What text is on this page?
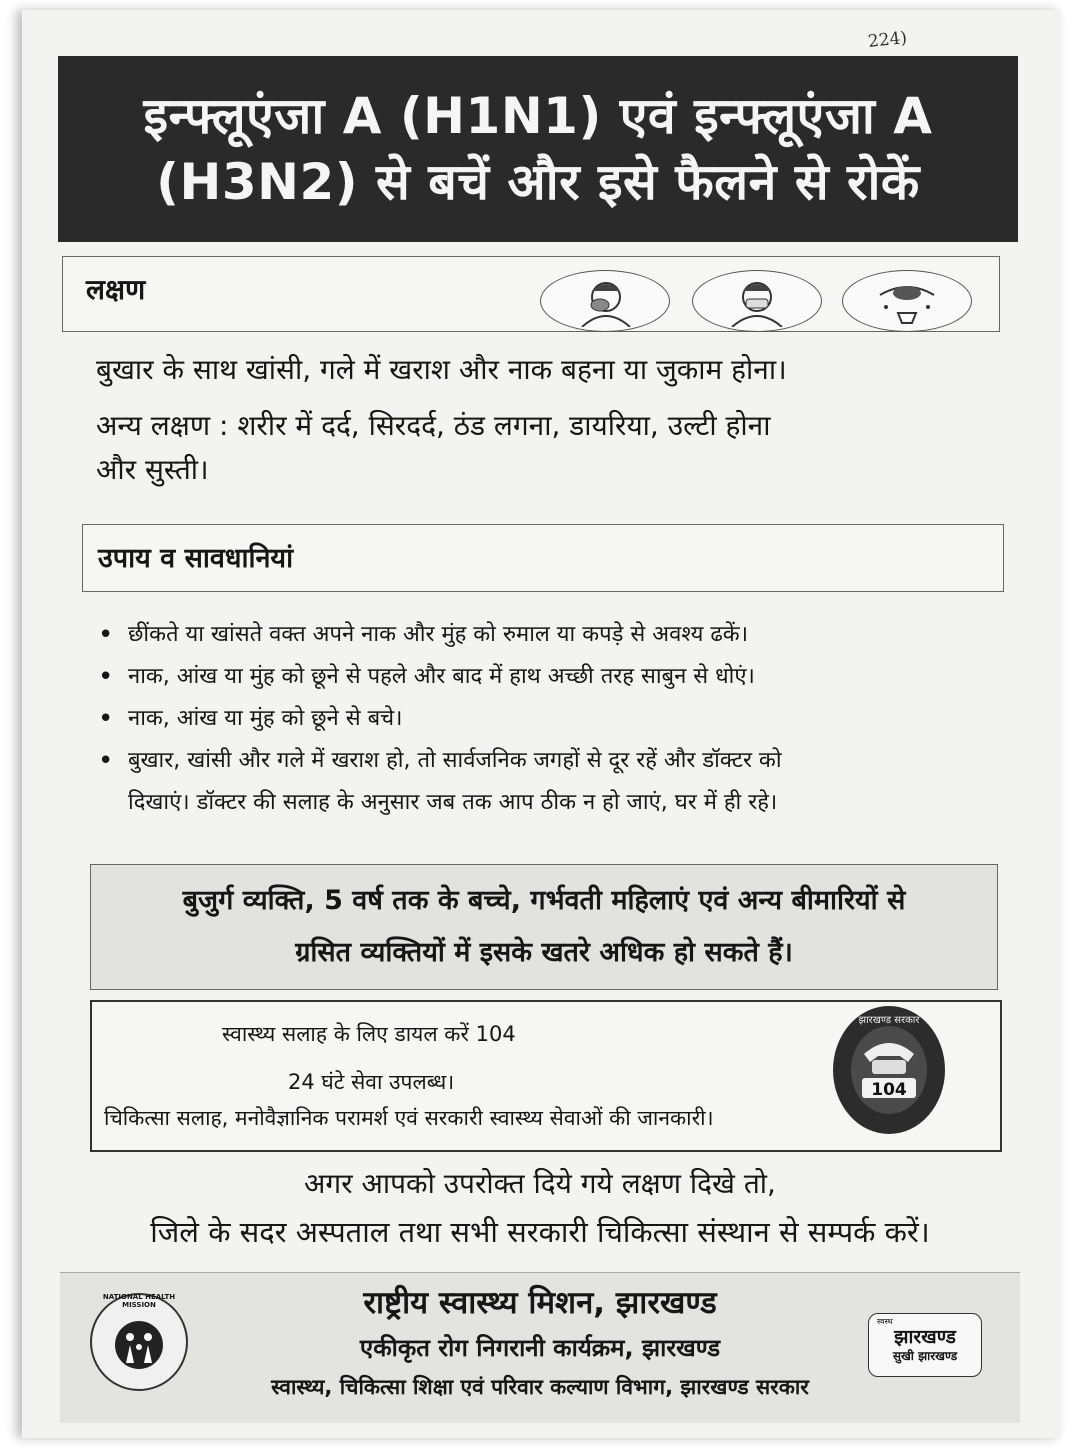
224)
इन्फ्लूएंजा A (H1N1) एवं इन्फ्लूएंजा A
(H3N2) से बचें और इसे फैलने से रोकें
लक्षण
बुखार के साथ खांसी, गले में खराश और नाक बहना या जुकाम होना।
अन्य लक्षण : शरीर में दर्द, सिरदर्द, ठंड लगना, डायरिया, उल्टी होना
और सुस्ती।
उपाय व सावधानियां
• छींकते या खांसते वक्त अपने नाक और मुंह को रुमाल या कपड़े से अवश्य ढकें।
• नाक, आंख या मुंह को छूने से पहले और बाद में हाथ अच्छी तरह साबुन से धोएं।
• नाक, आंख या मुंह को छूने से बचे।
• बुखार, खांसी और गले में खराश हो, तो सार्वजनिक जगहों से दूर रहें और डॉक्टर को
दिखाएं। डॉक्टर की सलाह के अनुसार जब तक आप ठीक न हो जाएं, घर में ही रहे।
बुजुर्ग व्यक्ति, 5 वर्ष तक के बच्चे, गर्भवती महिलाएं एवं अन्य बीमारियों से
ग्रसित व्यक्तियों में इसके खतरे अधिक हो सकते हैं।
स्वास्थ्य सलाह के लिए डायल करें 104
24 घंटे सेवा उपलब्ध।
चिकित्सा सलाह, मनोवैज्ञानिक परामर्श एवं सरकारी स्वास्थ्य सेवाओं की जानकारी।
104
झारखण्ड सरकार
अगर आपको उपरोक्त दिये गये लक्षण दिखे तो,
जिले के सदर अस्पताल तथा सभी सरकारी चिकित्सा संस्थान से सम्पर्क करें।
NATIONAL HEALTH MISSION	राष्ट्रीय स्वास्थ्य मिशन, झारखण्ड
एकीकृत रोग निगरानी कार्यक्रम, झारखण्ड
स्वास्थ्य, चिकित्सा शिक्षा एवं परिवार कल्याण विभाग, झारखण्ड सरकार
स्वस्थ
झारखण्ड
सुखी झारखण्ड
